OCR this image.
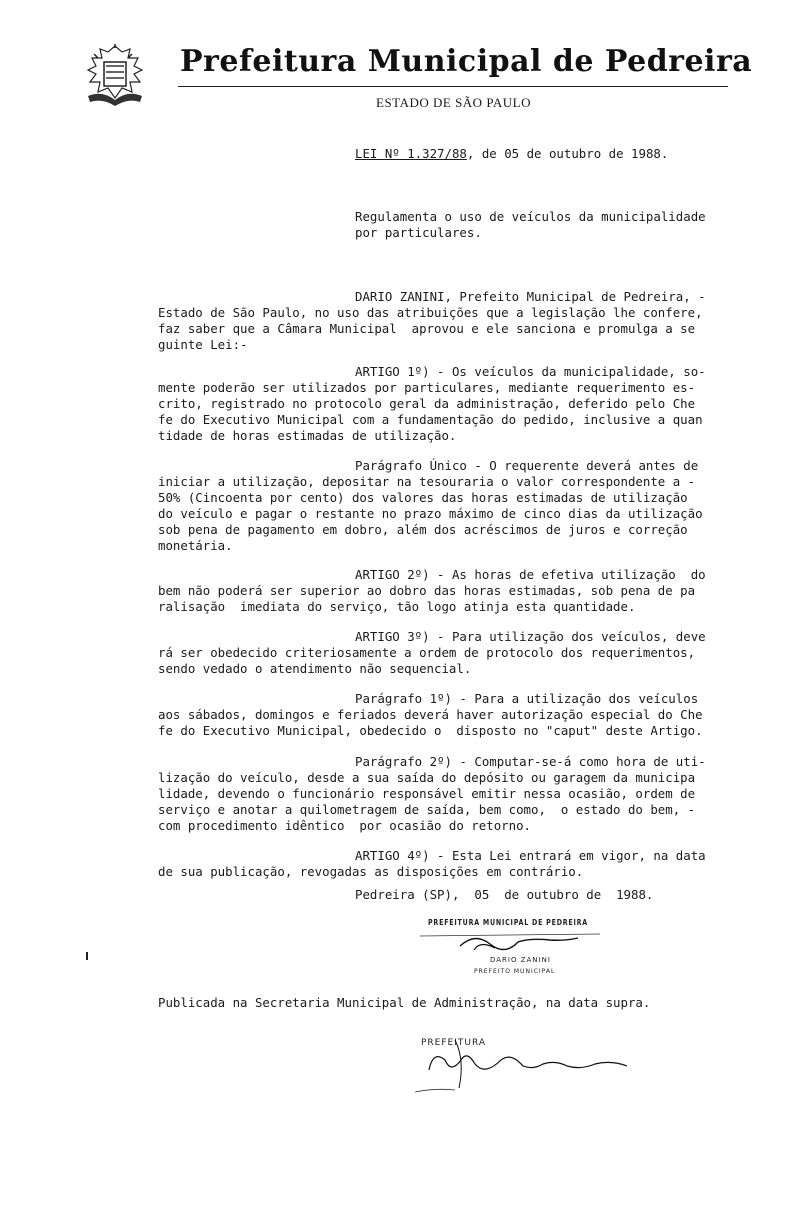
Prefeitura Municipal de Pedreira
ESTADO DE SÃO PAULO
LEI Nº 1.327/88, de 05 de outubro de 1988.
Regulamenta o uso de veículos da municipalidade
por particulares.
DARIO ZANINI, Prefeito Municipal de Pedreira, -
Estado de São Paulo, no uso das atribuições que a legislação lhe confere,
faz saber que a Câmara Municipal  aprovou e ele sanciona e promulga a se
guinte Lei:-
ARTIGO 1º) - Os veículos da municipalidade, so-
mente poderão ser utilizados por particulares, mediante requerimento es-
crito, registrado no protocolo geral da administração, deferido pelo Che
fe do Executivo Municipal com a fundamentação do pedido, inclusive a quan
tidade de horas estimadas de utilização.
Parágrafo Único - O requerente deverá antes de
iniciar a utilização, depositar na tesouraria o valor correspondente a -
50% (Cincoenta por cento) dos valores das horas estimadas de utilização
do veículo e pagar o restante no prazo máximo de cinco dias da utilização
sob pena de pagamento em dobro, além dos acréscimos de juros e correção
monetária.
ARTIGO 2º) - As horas de efetiva utilização  do
bem não poderá ser superior ao dobro das horas estimadas, sob pena de pa
ralisação  imediata do serviço, tão logo atinja esta quantidade.
ARTIGO 3º) - Para utilização dos veículos, deve
rá ser obedecido criteriosamente a ordem de protocolo dos requerimentos,
sendo vedado o atendimento não sequencial.
Parágrafo 1º) - Para a utilização dos veículos
aos sábados, domingos e feriados deverá haver autorização especial do Che
fe do Executivo Municipal, obedecido o  disposto no "caput" deste Artigo.
Parágrafo 2º) - Computar-se-á como hora de uti-
lização do veículo, desde a sua saída do depósito ou garagem da municipa
lidade, devendo o funcionário responsável emitir nessa ocasião, ordem de
serviço e anotar a quilometragem de saída, bem como,  o estado do bem, -
com procedimento idêntico  por ocasião do retorno.
ARTIGO 4º) - Esta Lei entrará em vigor, na data
de sua publicação, revogadas as disposições em contrário.
Pedreira (SP),  05  de outubro de  1988.
Publicada na Secretaria Municipal de Administração, na data supra.
PREFEITURA MUNICIPAL DE PEDREIRA
DARIO ZANINI
PREFEITO MUNICIPAL
PREFEITURA
